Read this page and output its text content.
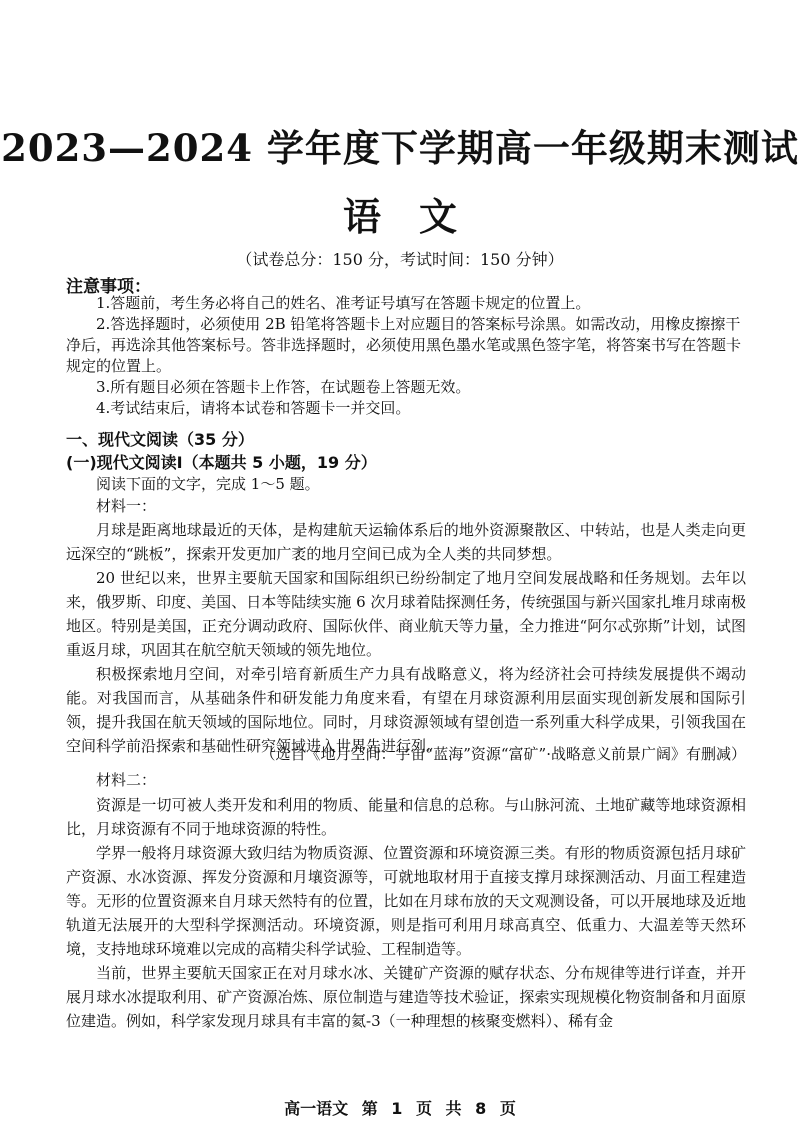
2023—2024 学年度下学期高一年级期末测试
语文
（试卷总分：150 分，考试时间：150 分钟）
注意事项：

1.答题前，考生务必将自己的姓名、准考证号填写在答题卡规定的位置上。

2.答选择题时，必须使用 2B 铅笔将答题卡上对应题目的答案标号涂黑。如需改动，用橡皮擦擦干净后，再选涂其他答案标号。答非选择题时，必须使用黑色墨水笔或黑色签字笔，将答案书写在答题卡规定的位置上。

3.所有题目必须在答题卡上作答，在试题卷上答题无效。

4.考试结束后，请将本试卷和答题卡一并交回。

一、现代文阅读（35 分）
(一)现代文阅读Ⅰ（本题共 5 小题，19 分）
阅读下面的文字，完成 1～5 题。
材料一：

月球是距离地球最近的天体，是构建航天运输体系后的地外资源聚散区、中转站，也是人类走向更远深空的“跳板”，探索开发更加广袤的地月空间已成为全人类的共同梦想。

20 世纪以来，世界主要航天国家和国际组织已纷纷制定了地月空间发展战略和任务规划。去年以来，俄罗斯、印度、美国、日本等陆续实施 6 次月球着陆探测任务，传统强国与新兴国家扎堆月球南极地区。特别是美国，正充分调动政府、国际伙伴、商业航天等力量，全力推进“阿尔忒弥斯”计划，试图重返月球，巩固其在航空航天领域的领先地位。

积极探索地月空间，对牵引培育新质生产力具有战略意义，将为经济社会可持续发展提供不竭动能。对我国而言，从基础条件和研发能力角度来看，有望在月球资源利用层面实现创新发展和国际引领，提升我国在航天领域的国际地位。同时，月球资源领域有望创造一系列重大科学成果，引领我国在空间科学前沿探索和基础性研究领域进入世界先进行列。

（选自《地月空间：宇宙“蓝海”资源“富矿”·战略意义前景广阔》有删减）
材料二：

资源是一切可被人类开发和利用的物质、能量和信息的总称。与山脉河流、土地矿藏等地球资源相比，月球资源有不同于地球资源的特性。

学界一般将月球资源大致归结为物质资源、位置资源和环境资源三类。有形的物质资源包括月球矿产资源、水冰资源、挥发分资源和月壤资源等，可就地取材用于直接支撑月球探测活动、月面工程建造等。无形的位置资源来自月球天然特有的位置，比如在月球布放的天文观测设备，可以开展地球及近地轨道无法展开的大型科学探测活动。环境资源，则是指可利用月球高真空、低重力、大温差等天然环境，支持地球环境难以完成的高精尖科学试验、工程制造等。

当前，世界主要航天国家正在对月球水冰、关键矿产资源的赋存状态、分布规律等进行详查，并开展月球水冰提取利用、矿产资源冶炼、原位制造与建造等技术验证，探索实现规模化物资制备和月面原位建造。例如，科学家发现月球具有丰富的氦-3（一种理想的核聚变燃料）、稀有金

高一语文 第 1 页 共 8 页
